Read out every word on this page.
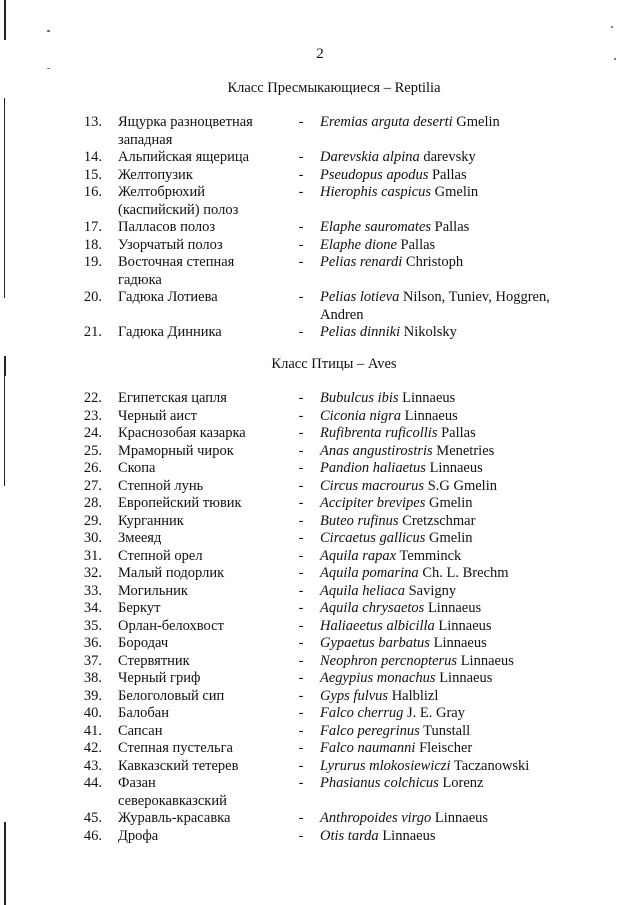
2
Класс Пресмыкающиеся – Reptilia
13.	Ящурка разноцветная	-	Eremias arguta deserti Gmelin
западная
14.	Альпийская ящерица	-	Darevskia alpina darevsky
15.	Желтопузик	-	Pseudopus apodus Pallas
16.	Желтобрюхий	-	Hierophis caspicus Gmelin
(каспийский) полоз
17.	Палласов полоз	-	Elaphe sauromates Pallas
18.	Узорчатый полоз	-	Elaphe dione Pallas
19.	Восточная степная	-	Pelias renardi Christoph
гадюка
20.	Гадюка Лотиева	-	Pelias lotieva Nilson, Tuniev, Hoggren,
Andren
21.	Гадюка Динника	-	Pelias dinniki Nikolsky
Класс Птицы – Aves
22.	Египетская цапля	-	Bubulcus ibis Linnaeus
23.	Черный аист	-	Ciconia nigra Linnaeus
24.	Краснозобая казарка	-	Rufibrenta ruficollis Pallas
25.	Мраморный чирок	-	Anas angustirostris Menetries
26.	Скопа	-	Pandion haliaetus Linnaeus
27.	Степной лунь	-	Circus macrourus S.G Gmelin
28.	Европейский тювик	-	Accipiter brevipes Gmelin
29.	Курганник	-	Buteo rufinus Cretzschmar
30.	Змееяд	-	Circaetus gallicus Gmelin
31.	Степной орел	-	Aquila rapax Temminck
32.	Малый подорлик	-	Aquila pomarina Ch. L. Brechm
33.	Могильник	-	Aquila heliaca Savigny
34.	Беркут	-	Aquila chrysaetos Linnaeus
35.	Орлан-белохвост	-	Haliaeetus albicilla Linnaeus
36.	Бородач	-	Gypaetus barbatus Linnaeus
37.	Стервятник	-	Neophron percnopterus Linnaeus
38.	Черный гриф	-	Aegypius monachus Linnaeus
39.	Белоголовый сип	-	Gyps fulvus Halblizl
40.	Балобан	-	Falco cherrug J. E. Gray
41.	Сапсан	-	Falco peregrinus Tunstall
42.	Степная пустельга	-	Falco naumanni Fleischer
43.	Кавказский тетерев	-	Lyrurus mlokosiewiczi Taczanowski
44.	Фазан	-	Phasianus colchicus Lorenz
северокавказский
45.	Журавль-красавка	-	Anthropoides virgo Linnaeus
46.	Дрофа	-	Otis tarda Linnaeus
